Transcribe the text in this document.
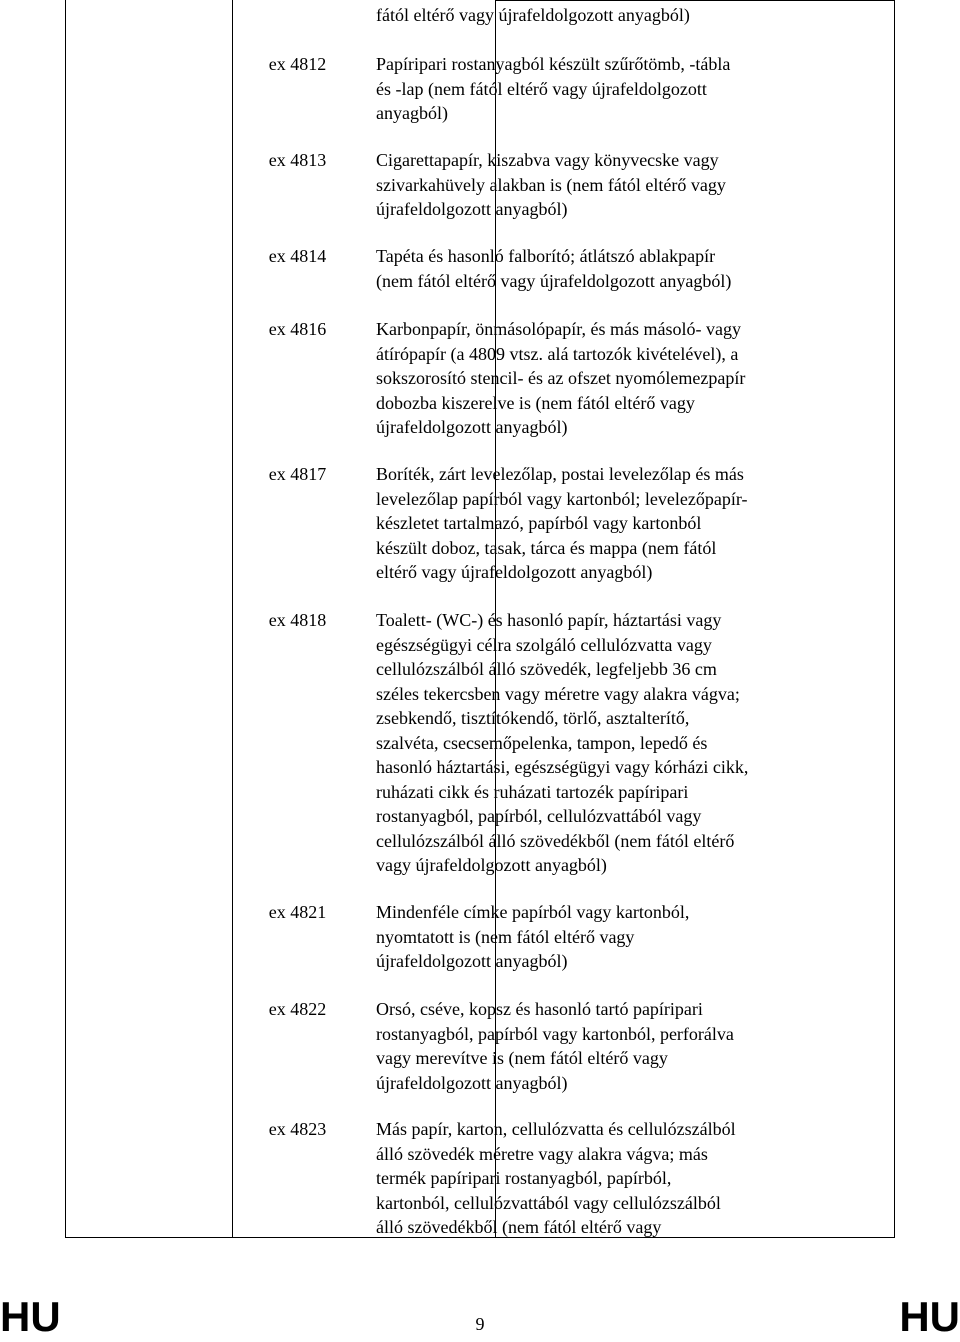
fától eltérő vagy újrafeldolgozott anyagból)
ex 4812	Papíripari rostanyagból készült szűrőtömb, -tábla
és -lap (nem fától eltérő vagy újrafeldolgozott
anyagból)
ex 4813	Cigarettapapír, kiszabva vagy könyvecske vagy
szivarkahüvely alakban is (nem fától eltérő vagy
újrafeldolgozott anyagból)
ex 4814	Tapéta és hasonló falborító; átlátszó ablakpapír
(nem fától eltérő vagy újrafeldolgozott anyagból)
ex 4816	Karbonpapír, önmásolópapír, és más másoló- vagy
átírópapír (a 4809 vtsz. alá tartozók kivételével), a
sokszorosító stencil- és az ofszet nyomólemezpapír
dobozba kiszerelve is (nem fától eltérő vagy
újrafeldolgozott anyagból)
ex 4817	Boríték, zárt levelezőlap, postai levelezőlap és más
levelezőlap papírból vagy kartonból; levelezőpapír-
készletet tartalmazó, papírból vagy kartonból
készült doboz, tasak, tárca és mappa (nem fától
eltérő vagy újrafeldolgozott anyagból)
ex 4818	Toalett- (WC-) és hasonló papír, háztartási vagy
egészségügyi célra szolgáló cellulózvatta vagy
cellulózszálból álló szövedék, legfeljebb 36 cm
széles tekercsben vagy méretre vagy alakra vágva;
zsebkendő, tisztítókendő, törlő, asztalterítő,
szalvéta, csecsemőpelenka, tampon, lepedő és
hasonló háztartási, egészségügyi vagy kórházi cikk,
ruházati cikk és ruházati tartozék papíripari
rostanyagból, papírból, cellulózvattából vagy
cellulózszálból álló szövedékből (nem fától eltérő
vagy újrafeldolgozott anyagból)
ex 4821	Mindenféle címke papírból vagy kartonból,
nyomtatott is (nem fától eltérő vagy
újrafeldolgozott anyagból)
ex 4822	Orsó, cséve, kopsz és hasonló tartó papíripari
rostanyagból, papírból vagy kartonból, perforálva
vagy merevítve is (nem fától eltérő vagy
újrafeldolgozott anyagból)
ex 4823	Más papír, karton, cellulózvatta és cellulózszálból
álló szövedék méretre vagy alakra vágva; más
termék papíripari rostanyagból, papírból,
kartonból, cellulózvattából vagy cellulózszálból
álló szövedékből (nem fától eltérő vagy
HU	9	HU
